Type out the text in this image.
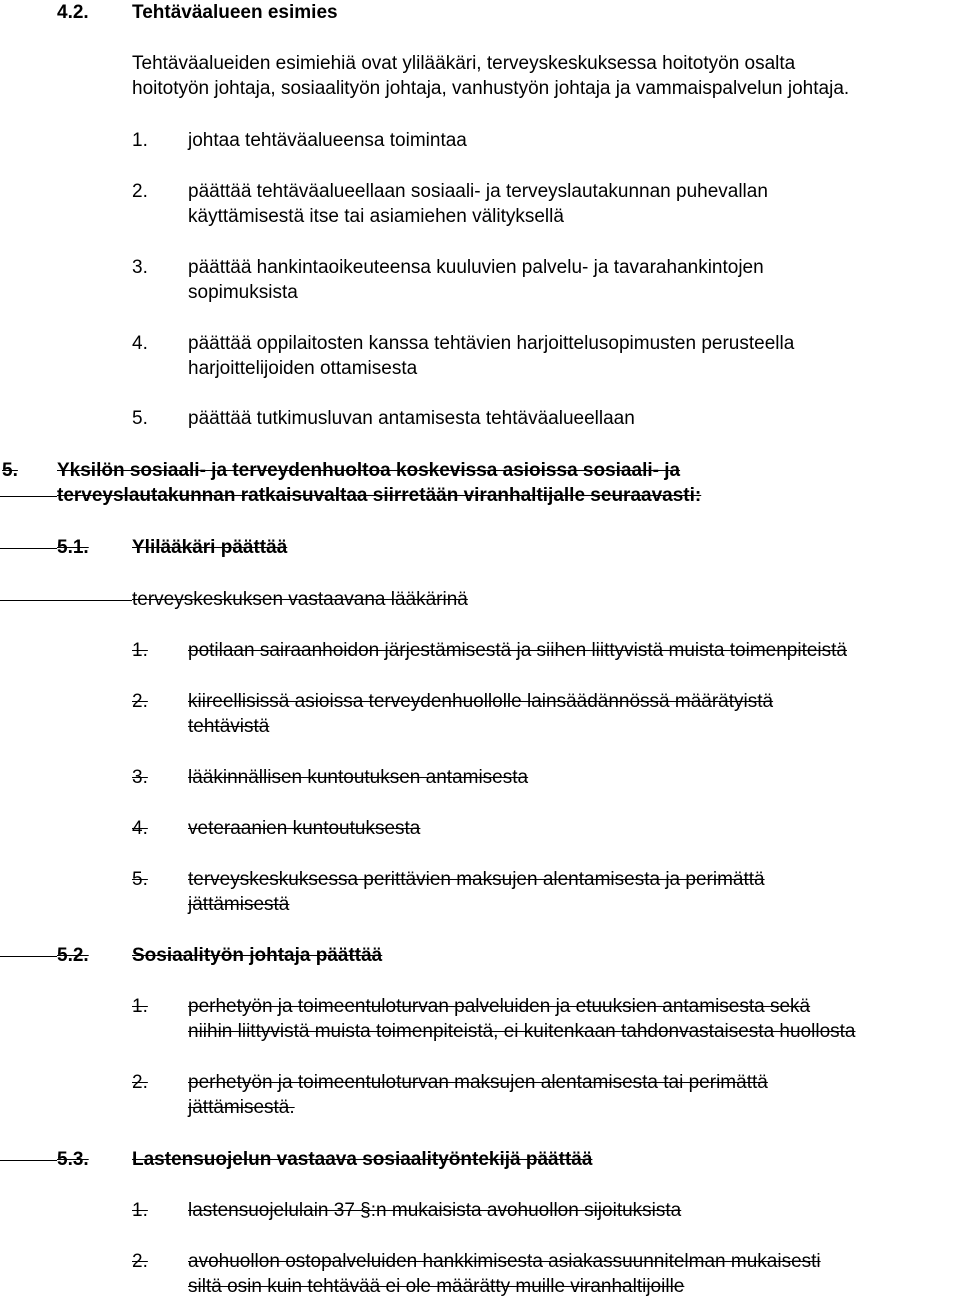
4.2. Tehtäväalueen esimies
Tehtäväalueiden esimiehiä ovat ylilääkäri, terveyskeskuksessa hoitotyön osalta
hoitotyön johtaja, sosiaalityön johtaja, vanhustyön johtaja ja vammaispalvelun johtaja.
1. johtaa tehtäväalueensa toimintaa
2. päättää tehtäväalueellaan sosiaali- ja terveyslautakunnan puhevallan
käyttämisestä itse tai asiamiehen välityksellä
3. päättää hankintaoikeuteensa kuuluvien palvelu- ja tavarahankintojen
sopimuksista
4. päättää oppilaitosten kanssa tehtävien harjoittelusopimusten perusteella
harjoittelijoiden ottamisesta
5. päättää tutkimusluvan antamisesta tehtäväalueellaan
5. Yksilön sosiaali- ja terveydenhuoltoa koskevissa asioissa sosiaali- ja
terveyslautakunnan ratkaisuvaltaa siirretään viranhaltijalle seuraavasti:
5.1. Ylilääkäri päättää
terveyskeskuksen vastaavana lääkärinä
1. potilaan sairaanhoidon järjestämisestä ja siihen liittyvistä muista toimenpiteistä
2. kiireellisissä asioissa terveydenhuollolle lainsäädännössä määrätyistä
tehtävistä
3. lääkinnällisen kuntoutuksen antamisesta
4. veteraanien kuntoutuksesta
5. terveyskeskuksessa perittävien maksujen alentamisesta ja perimättä
jättämisestä
5.2. Sosiaalityön johtaja päättää
1. perhetyön ja toimeentuloturvan palveluiden ja etuuksien antamisesta sekä
niihin liittyvistä muista toimenpiteistä, ei kuitenkaan tahdonvastaisesta huollosta
2. perhetyön ja toimeentuloturvan maksujen alentamisesta tai perimättä
jättämisestä.
5.3. Lastensuojelun vastaava sosiaalityöntekijä päättää
1. lastensuojelulain 37 §:n mukaisista avohuollon sijoituksista
2. avohuollon ostopalveluiden hankkimisesta asiakassuunnitelman mukaisesti
siltä osin kuin tehtävää ei ole määrätty muille viranhaltijoille
